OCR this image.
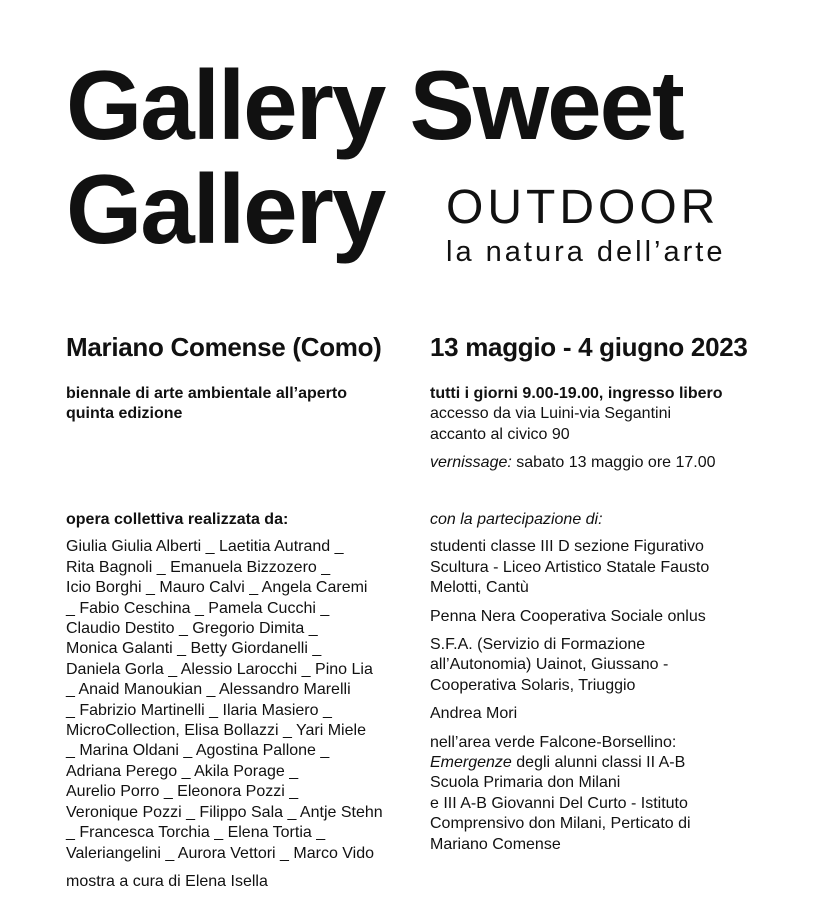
Gallery Sweet
Gallery OUTDOOR
la natura dell’arte
Mariano Comense (Como) 13 maggio - 4 giugno 2023

biennale di arte ambientale all’aperto

quinta edizione

tutti i giorni 9.00-19.00, ingresso libero

accesso da via Luini-via Segantini

accanto al civico 90

vernissage: sabato 13 maggio ore 17.00

opera collettiva realizzata da:

Giulia Giulia Alberti _ Laetitia Autrand _

Rita Bagnoli _ Emanuela Bizzozero _

Icio Borghi _ Mauro Calvi _ Angela Caremi

_ Fabio Ceschina _ Pamela Cucchi _

Claudio Destito _ Gregorio Dimita _

Monica Galanti _ Betty Giordanelli _

Daniela Gorla _ Alessio Larocchi _ Pino Lia

_ Anaid Manoukian _ Alessandro Marelli

_ Fabrizio Martinelli _ Ilaria Masiero _

MicroCollection, Elisa Bollazzi _ Yari Miele

_ Marina Oldani _ Agostina Pallone _

Adriana Perego _ Akila Porage _

Aurelio Porro _ Eleonora Pozzi _

Veronique Pozzi _ Filippo Sala _ Antje Stehn

_ Francesca Torchia _ Elena Tortia _

Valeriangelini _ Aurora Vettori _ Marco Vido

mostra a cura di Elena Isella

con la partecipazione di:

studenti classe III D sezione Figurativo

Scultura - Liceo Artistico Statale Fausto

Melotti, Cantù

Penna Nera Cooperativa Sociale onlus

S.F.A. (Servizio di Formazione

all’Autonomia) Uainot, Giussano -

Cooperativa Solaris, Triuggio

Andrea Mori

nell’area verde Falcone-Borsellino:

Emergenze degli alunni classi II A-B

Scuola Primaria don Milani

e III A-B Giovanni Del Curto - Istituto

Comprensivo don Milani, Perticato di

Mariano Comense
